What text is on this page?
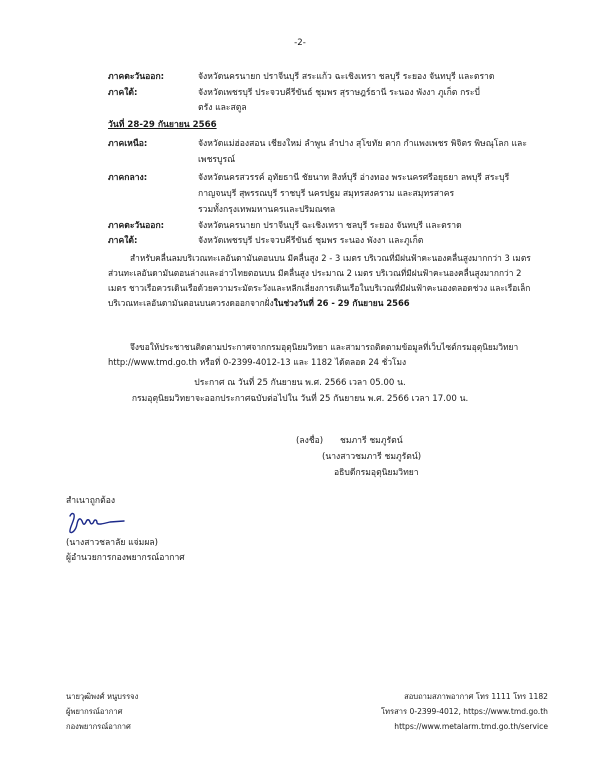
-2-
ภาคตะวันออก:	จังหวัดนครนายก ปราจีนบุรี สระแก้ว ฉะเชิงเทรา ชลบุรี ระยอง จันทบุรี และตราด
ภาคใต้:	จังหวัดเพชรบุรี ประจวบคีรีขันธ์ ชุมพร สุราษฎร์ธานี ระนอง พังงา ภูเก็ต กระบี่
ตรัง และสตูล
วันที่ 28-29 กันยายน 2566
ภาคเหนือ:	จังหวัดแม่ฮ่องสอน เชียงใหม่ ลำพูน ลำปาง สุโขทัย ตาก กำแพงเพชร พิจิตร พิษณุโลก และ
เพชรบูรณ์
ภาคกลาง:	จังหวัดนครสวรรค์ อุทัยธานี ชัยนาท สิงห์บุรี อ่างทอง พระนครศรีอยุธยา ลพบุรี สระบุรี
กาญจนบุรี สุพรรณบุรี ราชบุรี นครปฐม สมุทรสงคราม และสมุทรสาคร
รวมทั้งกรุงเทพมหานครและปริมณฑล
ภาคตะวันออก:	จังหวัดนครนายก ปราจีนบุรี ฉะเชิงเทรา ชลบุรี ระยอง จันทบุรี และตราด
ภาคใต้:	จังหวัดเพชรบุรี ประจวบคีรีขันธ์ ชุมพร ระนอง พังงา และภูเก็ต
สำหรับคลื่นลมบริเวณทะเลอันดามันตอนบน มีคลื่นสูง 2 - 3 เมตร บริเวณที่มีฝนฟ้าคะนองคลื่นสูงมากกว่า 3 เมตร ส่วนทะเลอันดามันตอนล่างและอ่าวไทยตอนบน มีคลื่นสูง ประมาณ 2 เมตร บริเวณที่มีฝนฟ้าคะนองคลื่นสูงมากกว่า 2 เมตร ชาวเรือควรเดินเรือด้วยความระมัดระวังและหลีกเลี่ยงการเดินเรือในบริเวณที่มีฝนฟ้าคะนองตลอดช่วง และเรือเล็กบริเวณทะเลอันดามันตอนบนควรงดออกจากฝั่งในช่วงวันที่ 26 - 29 กันยายน 2566
จึงขอให้ประชาชนติดตามประกาศจากกรมอุตุนิยมวิทยา และสามารถติดตามข้อมูลที่เว็บไซต์กรมอุตุนิยมวิทยา http://www.tmd.go.th หรือที่ 0-2399-4012-13 และ 1182 ได้ตลอด 24 ชั่วโมง
ประกาศ ณ วันที่ 25 กันยายน พ.ศ. 2566 เวลา 05.00 น.
กรมอุตุนิยมวิทยาจะออกประกาศฉบับต่อไปใน วันที่ 25 กันยายน พ.ศ. 2566 เวลา 17.00 น.
(ลงชื่อ) ชมภารี ชมภูรัตน์
(นางสาวชมภารี ชมภูรัตน์)
อธิบดีกรมอุตุนิยมวิทยา
สำเนาถูกต้อง
(นางสาวชลาลัย แจ่มผล)
ผู้อำนวยการกองพยากรณ์อากาศ
นายวุฒิพงศ์ หนูบรรจง
ผู้พยากรณ์อากาศ
กองพยากรณ์อากาศ
สอบถามสภาพอากาศ โทร 1111 โทร 1182
โทรสาร 0-2399-4012, https://www.tmd.go.th
https://www.metalarm.tmd.go.th/service
